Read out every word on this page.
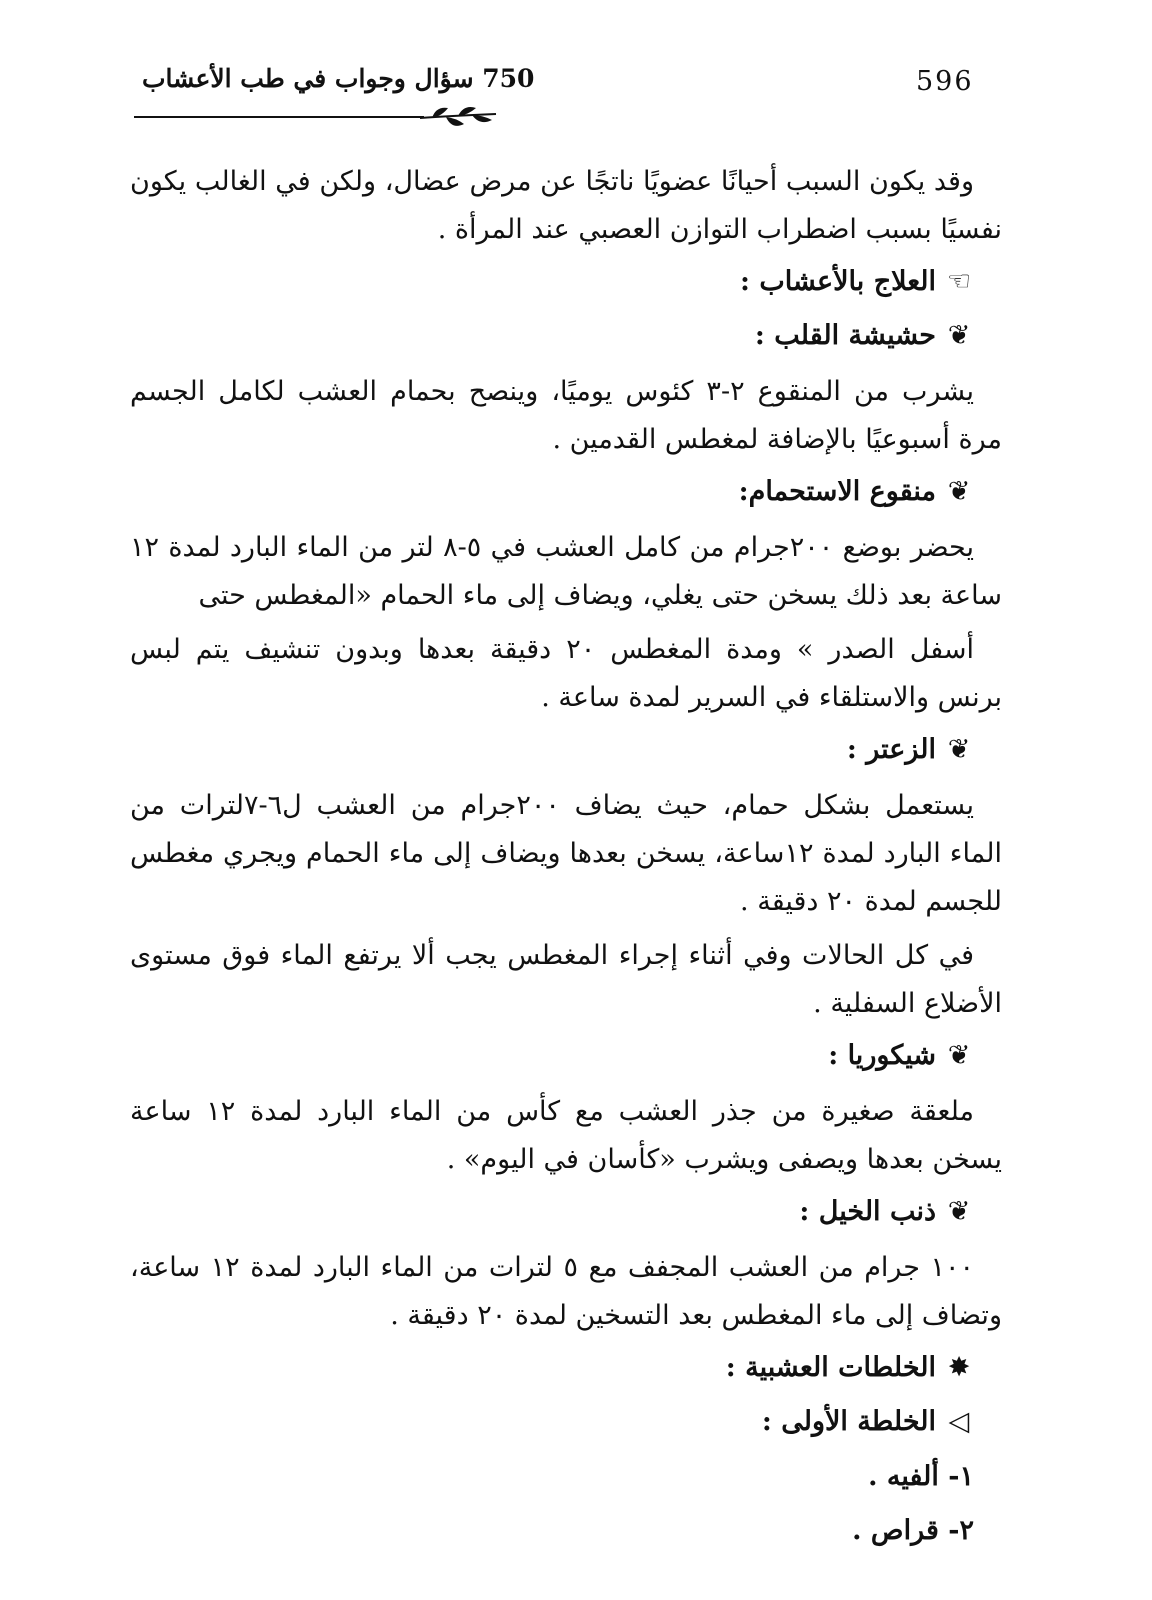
596
750 سؤال وجواب في طب الأعشاب

وقد يكون السبب أحيانًا عضويًا ناتجًا عن مرض عضال، ولكن في الغالب يكون نفسيًا بسبب اضطراب التوازن العصبي عند المرأة .

☜العلاج بالأعشاب :

❦حشيشة القلب :

يشرب من المنقوع ٢-٣ كئوس يوميًا، وينصح بحمام العشب لكامل الجسم مرة أسبوعيًا بالإضافة لمغطس القدمين .

❦منقوع الاستحمام:

يحضر بوضع ٢٠٠جرام من كامل العشب في ٥-٨ لتر من الماء البارد لمدة ١٢ ساعة بعد ذلك يسخن حتى يغلي، ويضاف إلى ماء الحمام «المغطس حتى

أسفل الصدر » ومدة المغطس ٢٠ دقيقة بعدها وبدون تنشيف يتم لبس برنس والاستلقاء في السرير لمدة ساعة .

❦الزعتر :

يستعمل بشكل حمام، حيث يضاف ٢٠٠جرام من العشب ل٦-٧لترات من الماء البارد لمدة ١٢ساعة، يسخن بعدها ويضاف إلى ماء الحمام ويجري مغطس للجسم لمدة ٢٠ دقيقة .

في كل الحالات وفي أثناء إجراء المغطس يجب ألا يرتفع الماء فوق مستوى الأضلاع السفلية .

❦شيكوريا :

ملعقة صغيرة من جذر العشب مع كأس من الماء البارد لمدة ١٢ ساعة يسخن بعدها ويصفى ويشرب «كأسان في اليوم» .

❦ذنب الخيل :

١٠٠ جرام من العشب المجفف مع ٥ لترات من الماء البارد لمدة ١٢ ساعة، وتضاف إلى ماء المغطس بعد التسخين لمدة ٢٠ دقيقة .

✸الخلطات العشبية :

◁الخلطة الأولى :

١- ألفيه .

٢- قراص .
